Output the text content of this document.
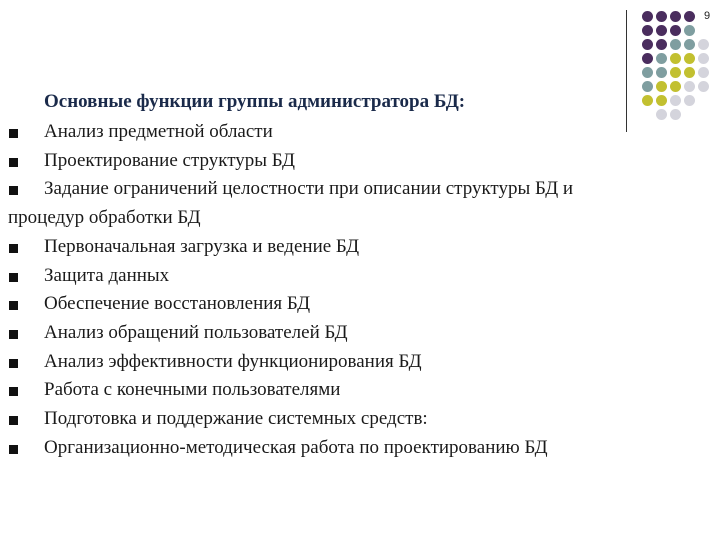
9
Основные функции группы администратора БД:
Анализ предметной области
Проектирование структуры БД
Задание ограничений целостности при описании структуры БД и
процедур обработки БД
Первоначальная загрузка и ведение БД
Защита данных
Обеспечение восстановления БД
Анализ обращений пользователей БД
Анализ эффективности функционирования БД
Работа с конечными пользователями
Подготовка и поддержание системных средств:
Организационно-методическая работа по проектированию БД
